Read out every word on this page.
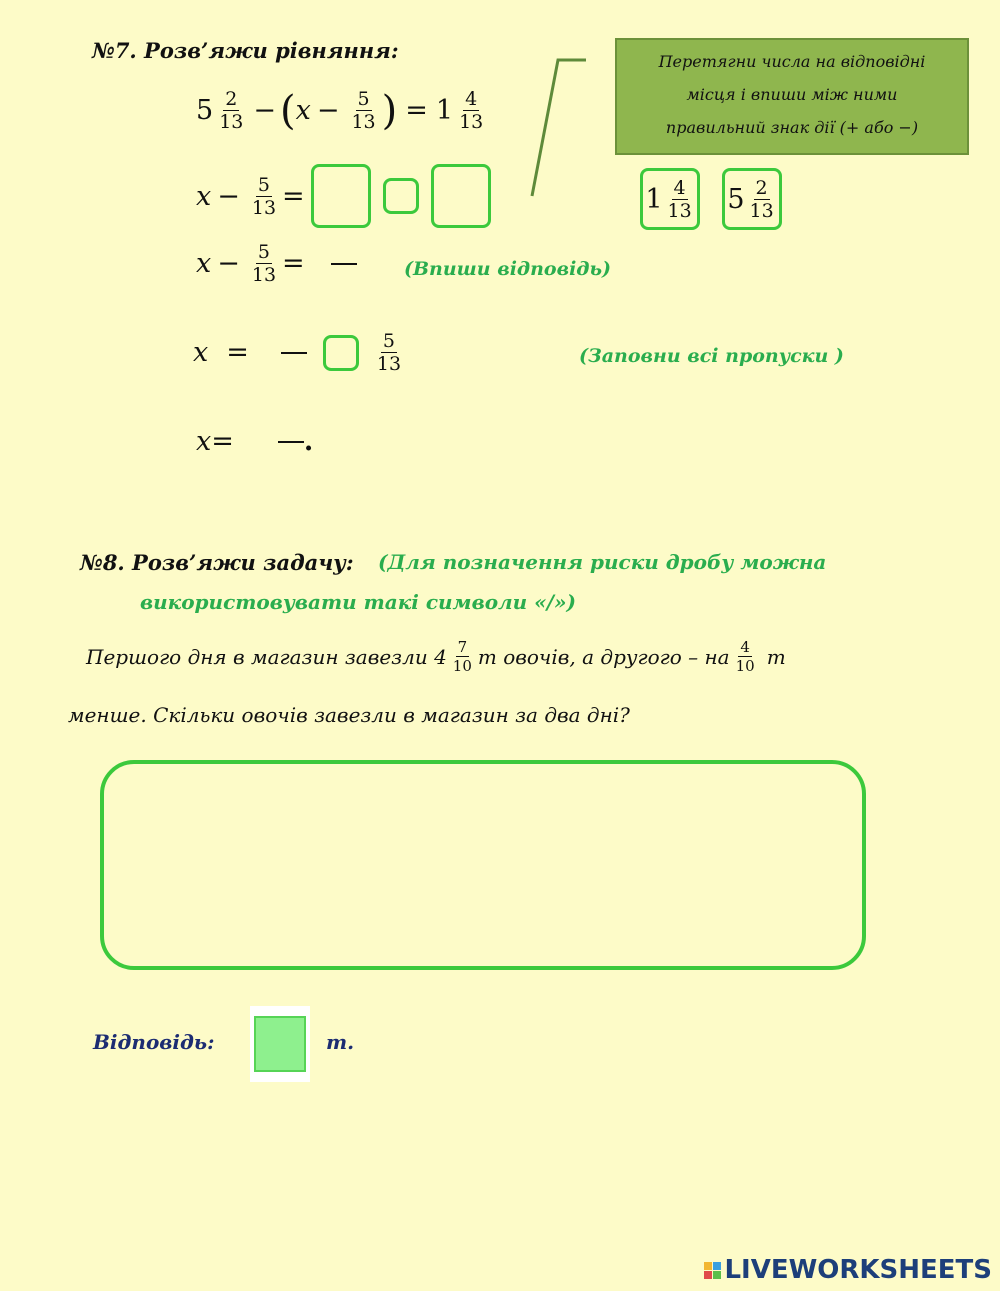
№7. Розв’яжи рівняння:
$5 \frac{2}{13}$ − ( $x - \frac{5}{13}$ ) = $1 \frac{4}{13}$
$x - \frac{5}{13}$ =
Перетягни числа на відповідні
місця і впиши між ними
правильний знак дії (+ або −)
$1 \frac{4}{13} 5 \frac{2}{13}$
$x - \frac{5}{13}$ =	(Впиши відповідь)
x =	$\frac{5}{13}$	(Заповни всі пропуски )
x =	.
№8. Розв’яжи задачу: (Для позначення риски дробу можна
використовувати такі символи «/»)
Першого дня в магазин завезли $4 \frac{7}{10}$ т овочів, а другого – на $\frac{4}{10}$ т
менше. Скільки овочів завезли в магазин за два дні?
Відповідь:	т.
LIVEWORKSHEETS
